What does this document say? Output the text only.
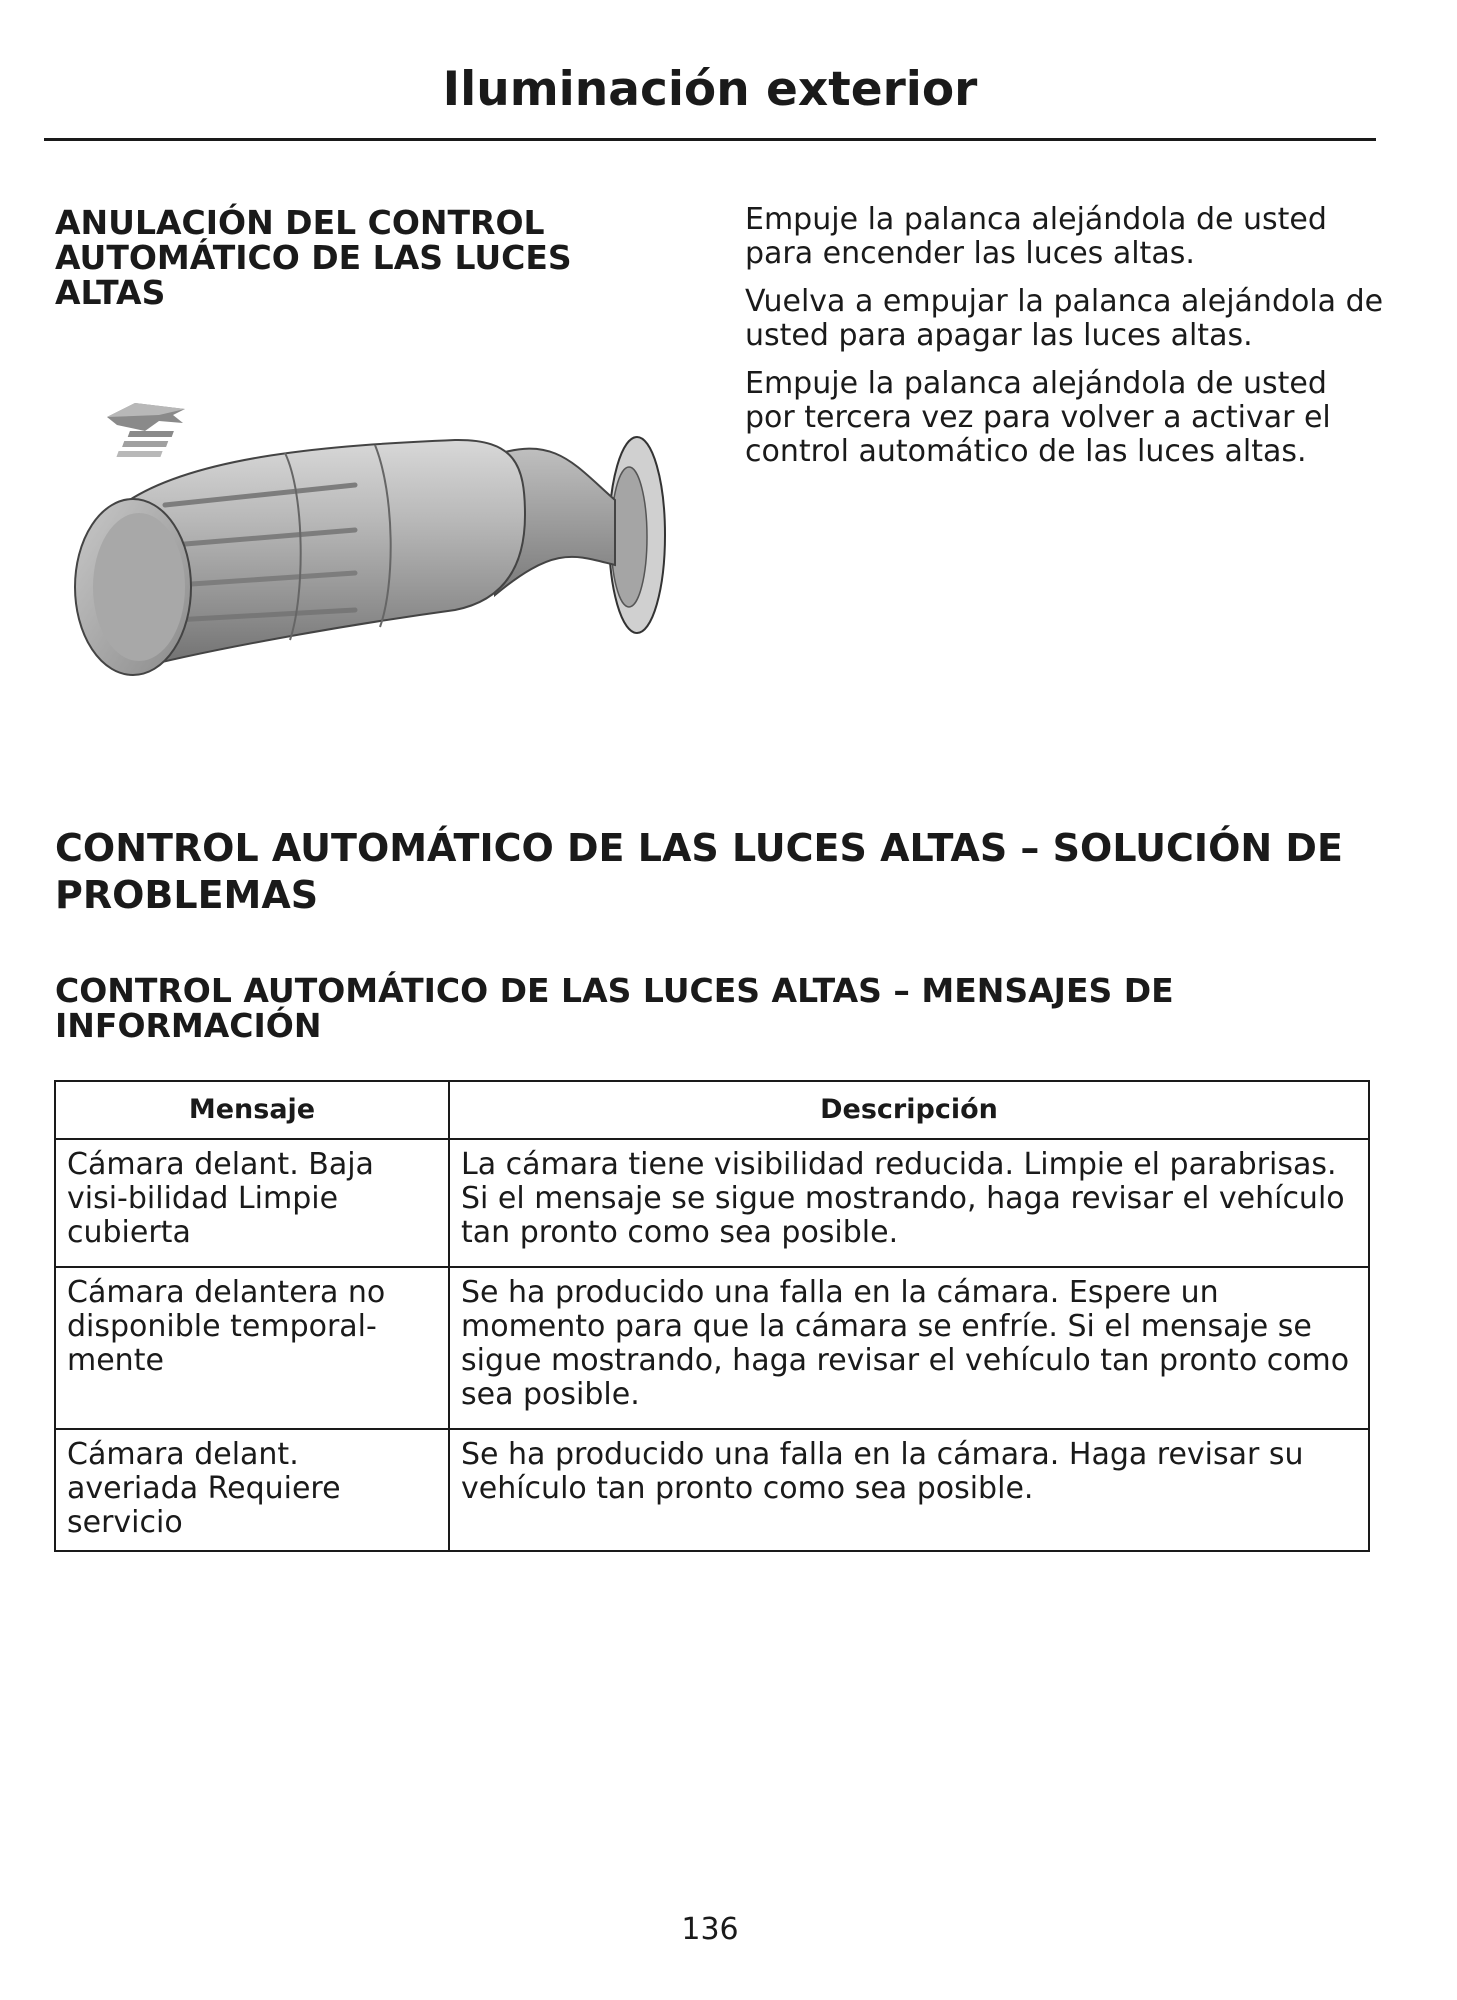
Iluminación exterior
ANULACIÓN DEL CONTROL AUTOMÁTICO DE LAS LUCES ALTAS

Empuje la palanca alejándola de usted para encender las luces altas.

Vuelva a empujar la palanca alejándola de usted para apagar las luces altas.

Empuje la palanca alejándola de usted por tercera vez para volver a activar el control automático de las luces altas.

CONTROL AUTOMÁTICO DE LAS LUCES ALTAS – SOLUCIÓN DE PROBLEMAS
CONTROL AUTOMÁTICO DE LAS LUCES ALTAS – MENSAJES DE INFORMACIÓN
Mensaje	Descripción
Cámara delant. Baja visi-bilidad Limpie cubierta	La cámara tiene visibilidad reducida. Limpie el parabrisas. Si el mensaje se sigue mostrando, haga revisar el vehículo tan pronto como sea posible.
Cámara delantera no disponible temporal-mente	Se ha producido una falla en la cámara. Espere un momento para que la cámara se enfríe. Si el mensaje se sigue mostrando, haga revisar el vehículo tan pronto como sea posible.
Cámara delant. averiada Requiere servicio	Se ha producido una falla en la cámara. Haga revisar su vehículo tan pronto como sea posible.
136
